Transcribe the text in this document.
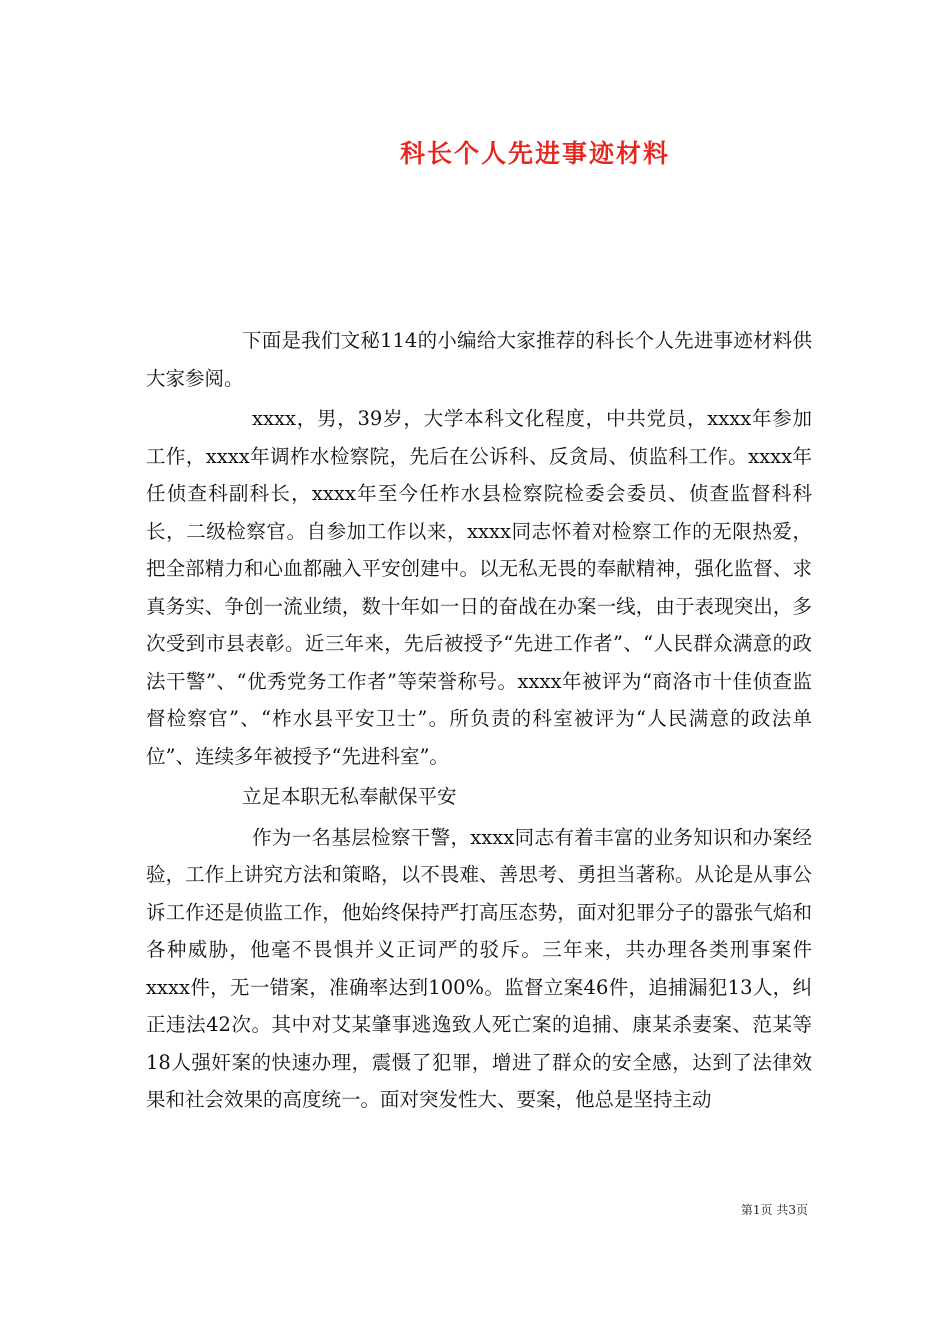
科长个人先进事迹材料

下面是我们文秘114的小编给大家推荐的科长个人先进事迹材料供大家参阅。

xxxx，男，39岁，大学本科文化程度，中共党员，xxxx年参加工作，xxxx年调柞水检察院，先后在公诉科、反贪局、侦监科工作。xxxx年任侦查科副科长，xxxx年至今任柞水县检察院检委会委员、侦查监督科科长，二级检察官。自参加工作以来，xxxx同志怀着对检察工作的无限热爱，把全部精力和心血都融入平安创建中。以无私无畏的奉献精神，强化监督、求真务实、争创一流业绩，数十年如一日的奋战在办案一线，由于表现突出，多次受到市县表彰。近三年来，先后被授予“先进工作者”、“人民群众满意的政法干警”、“优秀党务工作者”等荣誉称号。xxxx年被评为“商洛市十佳侦查监督检察官”、“柞水县平安卫士”。所负责的科室被评为“人民满意的政法单位”、连续多年被授予“先进科室”。

立足本职无私奉献保平安

作为一名基层检察干警，xxxx同志有着丰富的业务知识和办案经验，工作上讲究方法和策略，以不畏难、善思考、勇担当著称。从论是从事公诉工作还是侦监工作，他始终保持严打高压态势，面对犯罪分子的嚣张气焰和各种威胁，他毫不畏惧并义正词严的驳斥。三年来，共办理各类刑事案件xxxx件，无一错案，准确率达到100%。监督立案46件，追捕漏犯13人，纠正违法42次。其中对艾某肇事逃逸致人死亡案的追捕、康某杀妻案、范某等18人强奸案的快速办理，震慑了犯罪，增进了群众的安全感，达到了法律效果和社会效果的高度统一。面对突发性大、要案，他总是坚持主动

第1页 共3页
